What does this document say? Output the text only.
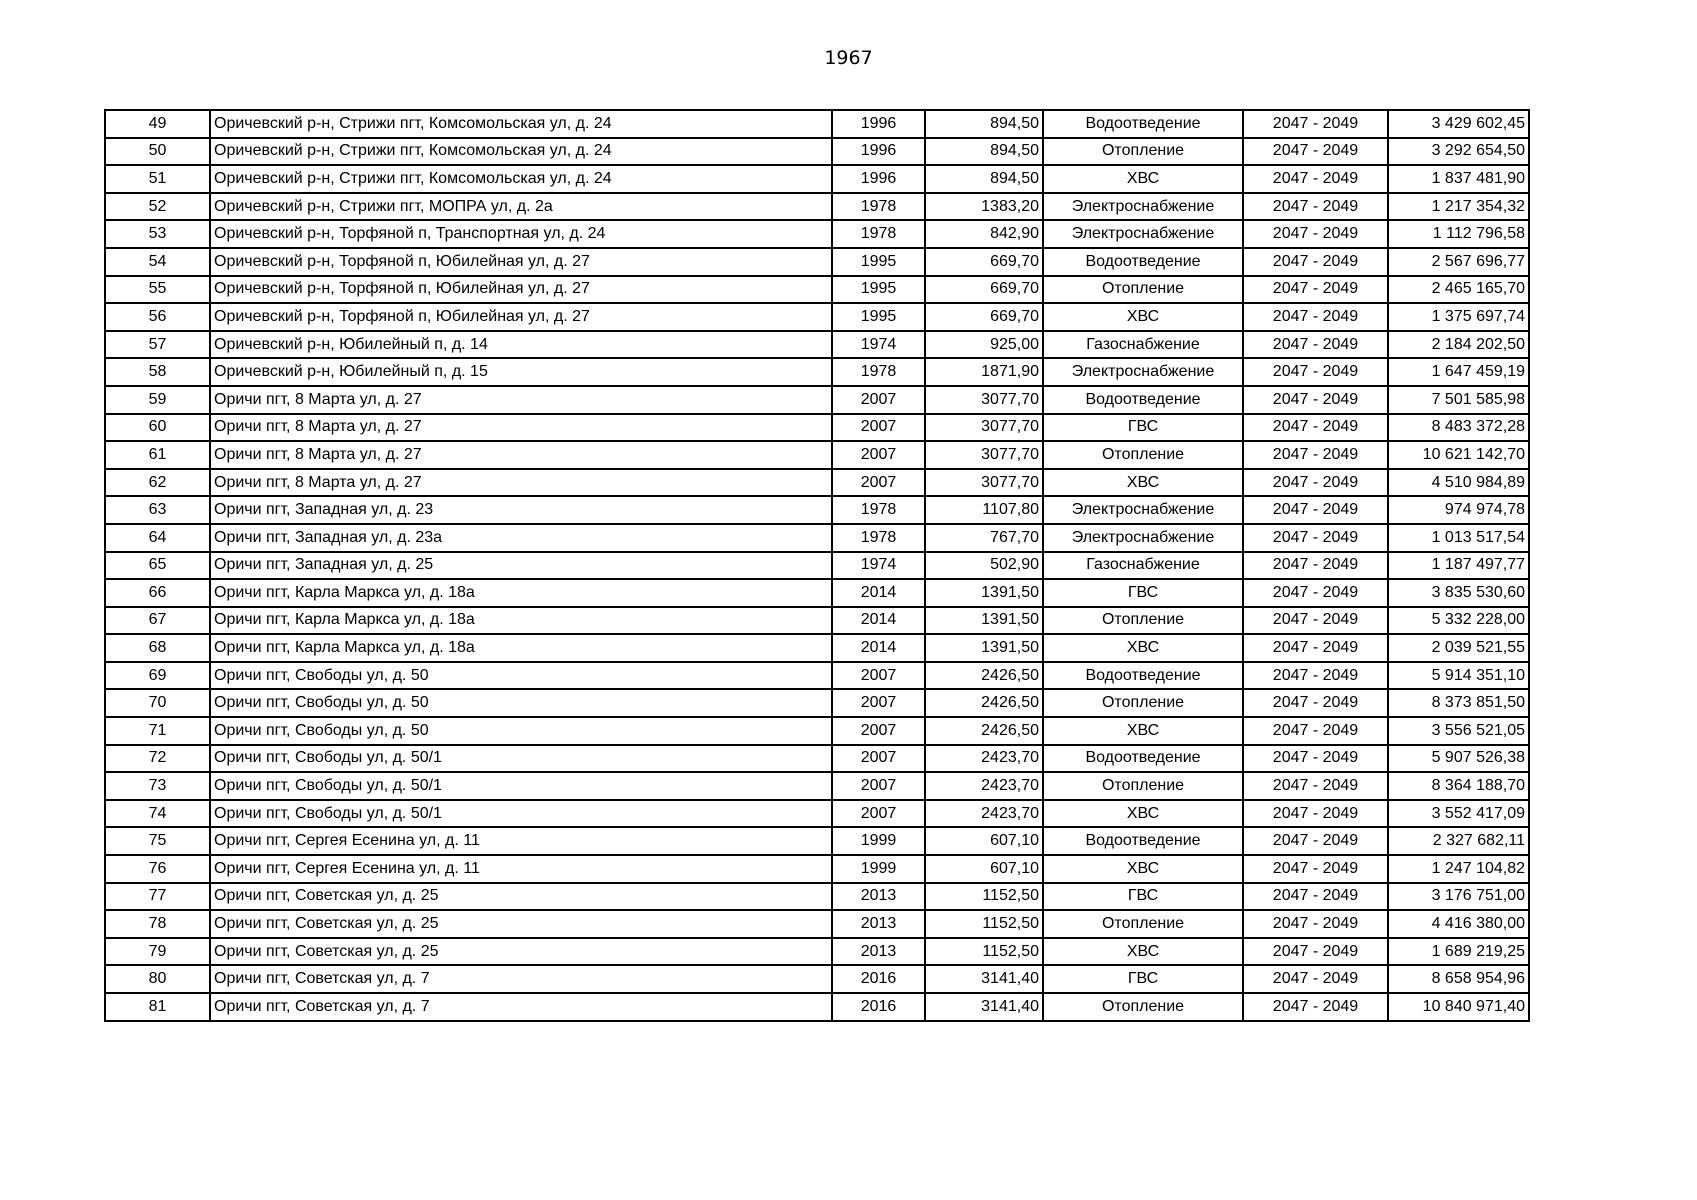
1967
49	Оричевский р-н, Стрижи пгт, Комсомольская ул, д. 24	1996	894,50	Водоотведение	2047 - 2049	3 429 602,45
50	Оричевский р-н, Стрижи пгт, Комсомольская ул, д. 24	1996	894,50	Отопление	2047 - 2049	3 292 654,50
51	Оричевский р-н, Стрижи пгт, Комсомольская ул, д. 24	1996	894,50	ХВС	2047 - 2049	1 837 481,90
52	Оричевский р-н, Стрижи пгт, МОПРА ул, д. 2а	1978	1383,20	Электроснабжение	2047 - 2049	1 217 354,32
53	Оричевский р-н, Торфяной п, Транспортная ул, д. 24	1978	842,90	Электроснабжение	2047 - 2049	1 112 796,58
54	Оричевский р-н, Торфяной п, Юбилейная ул, д. 27	1995	669,70	Водоотведение	2047 - 2049	2 567 696,77
55	Оричевский р-н, Торфяной п, Юбилейная ул, д. 27	1995	669,70	Отопление	2047 - 2049	2 465 165,70
56	Оричевский р-н, Торфяной п, Юбилейная ул, д. 27	1995	669,70	ХВС	2047 - 2049	1 375 697,74
57	Оричевский р-н, Юбилейный п, д. 14	1974	925,00	Газоснабжение	2047 - 2049	2 184 202,50
58	Оричевский р-н, Юбилейный п, д. 15	1978	1871,90	Электроснабжение	2047 - 2049	1 647 459,19
59	Оричи пгт, 8 Марта ул, д. 27	2007	3077,70	Водоотведение	2047 - 2049	7 501 585,98
60	Оричи пгт, 8 Марта ул, д. 27	2007	3077,70	ГВС	2047 - 2049	8 483 372,28
61	Оричи пгт, 8 Марта ул, д. 27	2007	3077,70	Отопление	2047 - 2049	10 621 142,70
62	Оричи пгт, 8 Марта ул, д. 27	2007	3077,70	ХВС	2047 - 2049	4 510 984,89
63	Оричи пгт, Западная ул, д. 23	1978	1107,80	Электроснабжение	2047 - 2049	974 974,78
64	Оричи пгт, Западная ул, д. 23а	1978	767,70	Электроснабжение	2047 - 2049	1 013 517,54
65	Оричи пгт, Западная ул, д. 25	1974	502,90	Газоснабжение	2047 - 2049	1 187 497,77
66	Оричи пгт, Карла Маркса ул, д. 18а	2014	1391,50	ГВС	2047 - 2049	3 835 530,60
67	Оричи пгт, Карла Маркса ул, д. 18а	2014	1391,50	Отопление	2047 - 2049	5 332 228,00
68	Оричи пгт, Карла Маркса ул, д. 18а	2014	1391,50	ХВС	2047 - 2049	2 039 521,55
69	Оричи пгт, Свободы ул, д. 50	2007	2426,50	Водоотведение	2047 - 2049	5 914 351,10
70	Оричи пгт, Свободы ул, д. 50	2007	2426,50	Отопление	2047 - 2049	8 373 851,50
71	Оричи пгт, Свободы ул, д. 50	2007	2426,50	ХВС	2047 - 2049	3 556 521,05
72	Оричи пгт, Свободы ул, д. 50/1	2007	2423,70	Водоотведение	2047 - 2049	5 907 526,38
73	Оричи пгт, Свободы ул, д. 50/1	2007	2423,70	Отопление	2047 - 2049	8 364 188,70
74	Оричи пгт, Свободы ул, д. 50/1	2007	2423,70	ХВС	2047 - 2049	3 552 417,09
75	Оричи пгт, Сергея Есенина ул, д. 11	1999	607,10	Водоотведение	2047 - 2049	2 327 682,11
76	Оричи пгт, Сергея Есенина ул, д. 11	1999	607,10	ХВС	2047 - 2049	1 247 104,82
77	Оричи пгт, Советская ул, д. 25	2013	1152,50	ГВС	2047 - 2049	3 176 751,00
78	Оричи пгт, Советская ул, д. 25	2013	1152,50	Отопление	2047 - 2049	4 416 380,00
79	Оричи пгт, Советская ул, д. 25	2013	1152,50	ХВС	2047 - 2049	1 689 219,25
80	Оричи пгт, Советская ул, д. 7	2016	3141,40	ГВС	2047 - 2049	8 658 954,96
81	Оричи пгт, Советская ул, д. 7	2016	3141,40	Отопление	2047 - 2049	10 840 971,40
